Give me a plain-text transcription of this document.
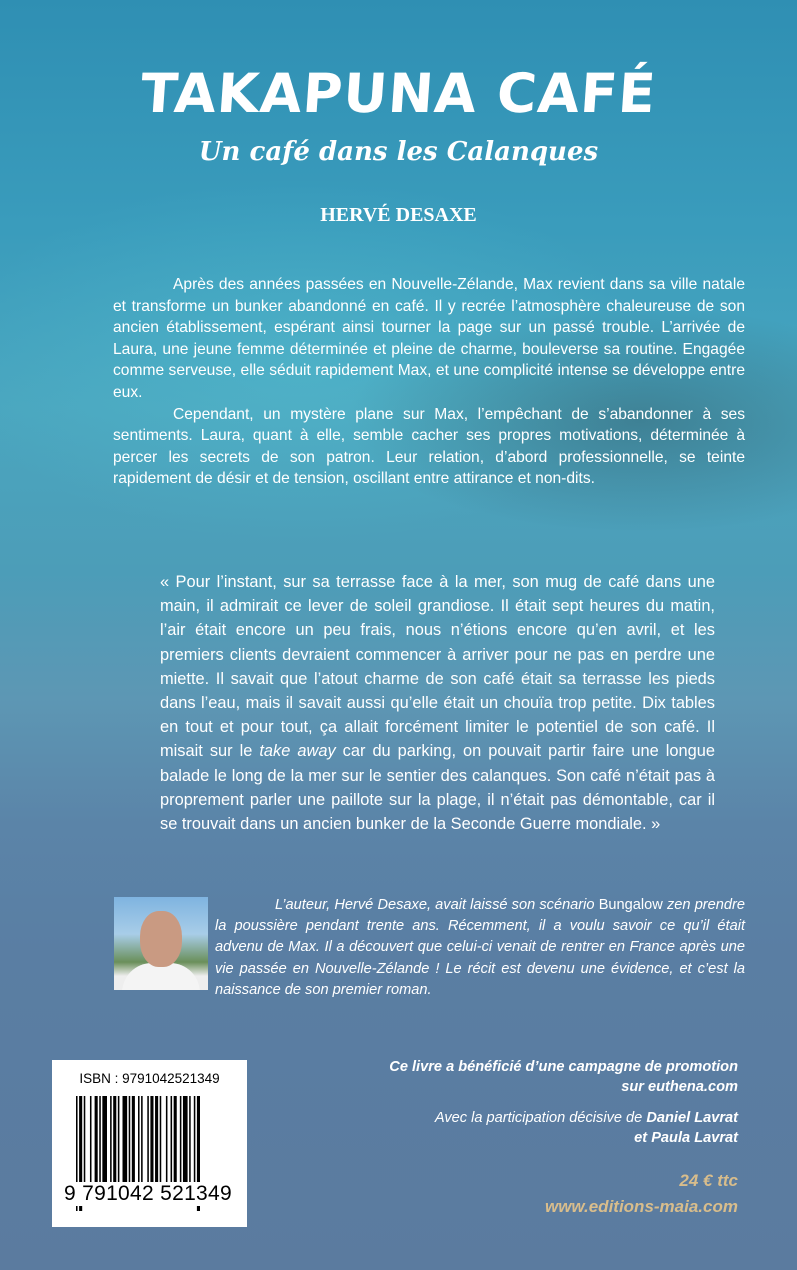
TAKAPUNA CAFÉ
Un café dans les Calanques
HERVÉ DESAXE

Après des années passées en Nouvelle-Zélande, Max revient dans sa ville natale et transforme un bunker abandonné en café. Il y recrée l’atmosphère chaleureuse de son ancien établissement, espérant ainsi tourner la page sur un passé trouble. L’arrivée de Laura, une jeune femme déterminée et pleine de charme, bouleverse sa routine. Engagée comme serveuse, elle séduit rapidement Max, et une complicité intense se développe entre eux.

Cependant, un mystère plane sur Max, l’empêchant de s’abandonner à ses sentiments. Laura, quant à elle, semble cacher ses propres motivations, déterminée à percer les secrets de son patron. Leur relation, d’abord professionnelle, se teinte rapidement de désir et de tension, oscillant entre attirance et non-dits.

« Pour l’instant, sur sa terrasse face à la mer, son mug de café dans une main, il admirait ce lever de soleil grandiose. Il était sept heures du matin, l’air était encore un peu frais, nous n’étions encore qu’en avril, et les premiers clients devraient commencer à arriver pour ne pas en perdre une miette. Il savait que l’atout charme de son café était sa terrasse les pieds dans l’eau, mais il savait aussi qu’elle était un chouïa trop petite. Dix tables en tout et pour tout, ça allait forcément limiter le potentiel de son café. Il misait sur le take away car du parking, on pouvait partir faire une longue balade le long de la mer sur le sentier des calanques. Son café n’était pas à proprement parler une paillote sur la plage, il n’était pas démontable, car il se trouvait dans un ancien bunker de la Seconde Guerre mondiale. »
L’auteur, Hervé Desaxe, avait laissé son scénario Bungalow zen prendre la poussière pendant trente ans. Récemment, il a voulu savoir ce qu’il était advenu de Max. Il a découvert que celui-ci venait de rentrer en France après une vie passée en Nouvelle-Zélande ! Le récit est devenu une évidence, et c’est la naissance de son premier roman.
ISBN : 9791042521349
9 791042 521349
Ce livre a bénéficié d’une campagne de promotion
sur euthena.com
Avec la participation décisive de Daniel Lavrat
et Paula Lavrat
24 € ttc
www.editions-maia.com
